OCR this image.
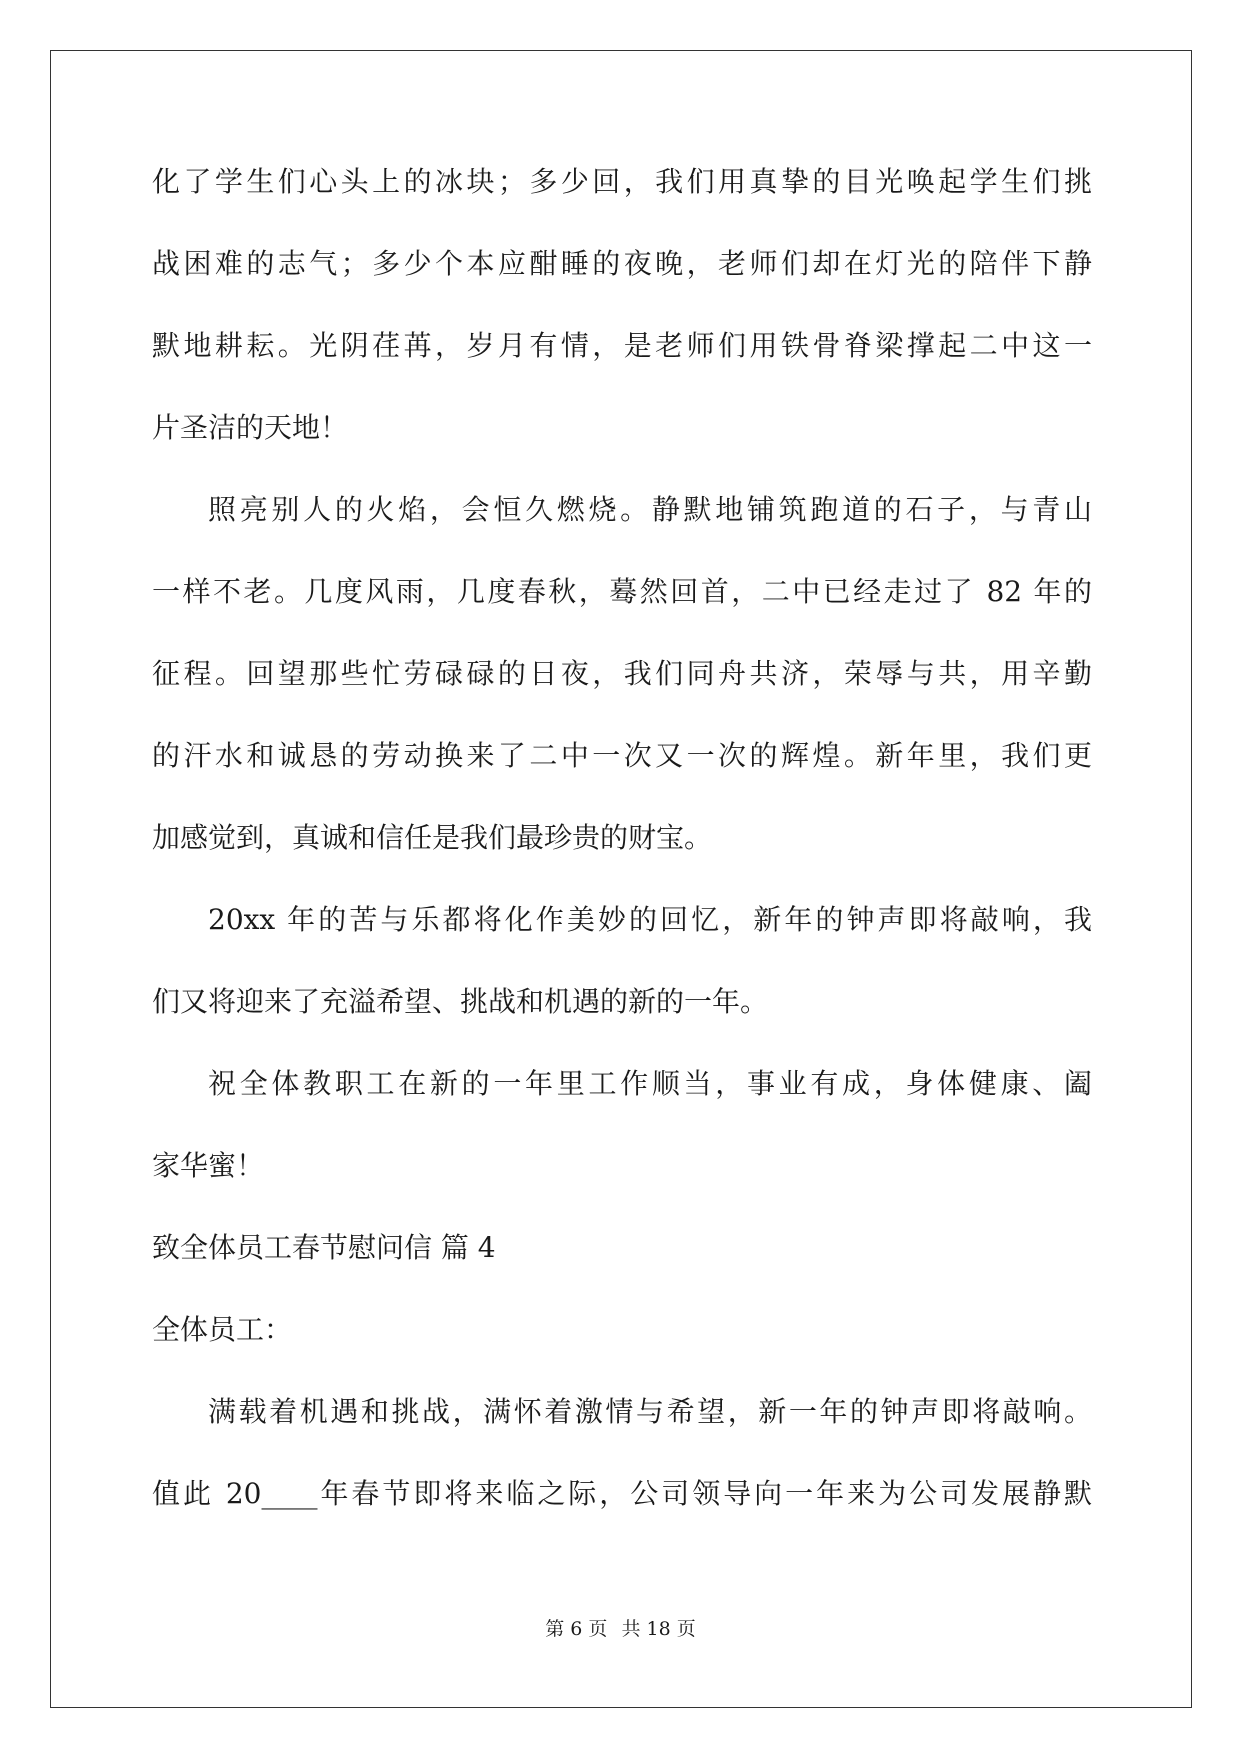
化了学生们心头上的冰块；多少回，我们用真挚的目光唤起学生们挑
战困难的志气；多少个本应酣睡的夜晚，老师们却在灯光的陪伴下静
默地耕耘。光阴荏苒，岁月有情，是老师们用铁骨脊梁撑起二中这一
片圣洁的天地！
照亮别人的火焰，会恒久燃烧。静默地铺筑跑道的石子，与青山
一样不老。几度风雨，几度春秋，蓦然回首，二中已经走过了 82 年的
征程。回望那些忙劳碌碌的日夜，我们同舟共济，荣辱与共，用辛勤
的汗水和诚恳的劳动换来了二中一次又一次的辉煌。新年里，我们更
加感觉到，真诚和信任是我们最珍贵的财宝。
20xx 年的苦与乐都将化作美妙的回忆，新年的钟声即将敲响，我
们又将迎来了充溢希望、挑战和机遇的新的一年。
祝全体教职工在新的一年里工作顺当，事业有成，身体健康、阖
家华蜜！
致全体员工春节慰问信 篇 4
全体员工：
满载着机遇和挑战，满怀着激情与希望，新一年的钟声即将敲响。
值此 20____年春节即将来临之际，公司领导向一年来为公司发展静默
第 6 页 共 18 页
